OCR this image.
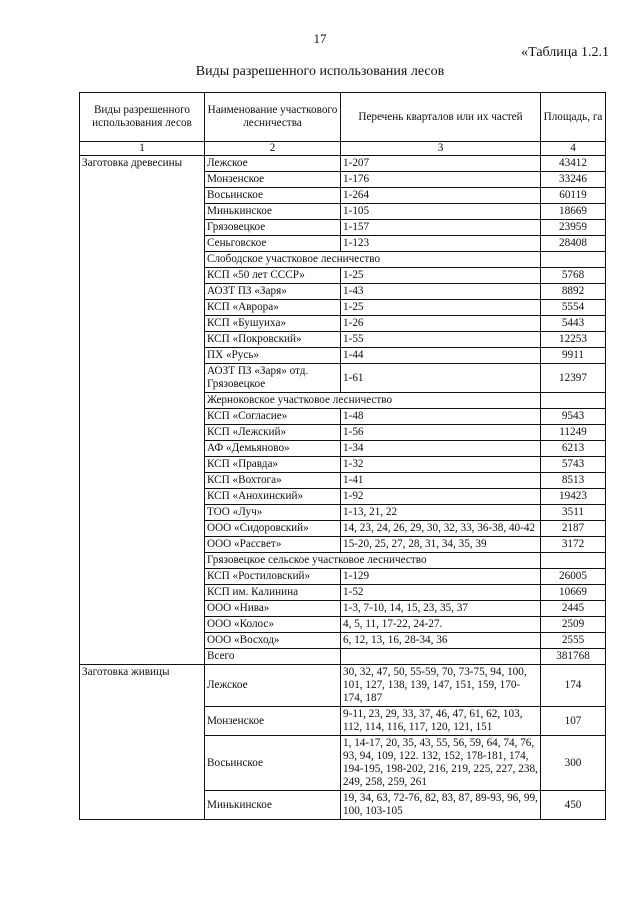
17
«Таблица 1.2.1
Виды разрешенного использования лесов
Виды разрешенного использования лесов	Наименование участкового лесничества	Перечень кварталов или их частей	Площадь, га
1	2	3	4
Заготовка древесины	Лежское	1-207	43412
	Монзенское	1-176	33246
	Восьинское	1-264	60119
	Минькинское	1-105	18669
	Грязовецкое	1-157	23959
	Сеньговское	1-123	28408
	Слободское участковое лесничество		
	КСП «50 лет СССР»	1-25	5768
	АОЗТ ПЗ «Заря»	1-43	8892
	КСП «Аврора»	1-25	5554
	КСП «Бушуиха»	1-26	5443
	КСП «Покровский»	1-55	12253
	ПХ «Русь»	1-44	9911
	АОЗТ ПЗ «Заря» отд. Грязовецкое	1-61	12397
	Жерноковское участковое лесничество		
	КСП «Согласие»	1-48	9543
	КСП «Лежский»	1-56	11249
	АФ «Демьяново»	1-34	6213
	КСП «Правда»	1-32	5743
	КСП «Вохтога»	1-41	8513
	КСП «Анохинский»	1-92	19423
	ТОО «Луч»	1-13, 21, 22	3511
	ООО «Сидоровский»	14, 23, 24, 26, 29, 30, 32, 33, 36-38, 40-42	2187
	ООО «Рассвет»	15-20, 25, 27, 28, 31, 34, 35, 39	3172
	Грязовецкое сельское участковое лесничество		
	КСП «Ростиловский»	1-129	26005
	КСП им. Калинина	1-52	10669
	ООО «Нива»	1-3, 7-10, 14, 15, 23, 35, 37	2445
	ООО «Колос»	4, 5, 11, 17-22, 24-27.	2509
	ООО «Восход»	6, 12, 13, 16, 28-34, 36	2555
	Всего		381768
Заготовка живицы	Лежское	30, 32, 47, 50, 55-59, 70, 73-75, 94, 100, 101, 127, 138, 139, 147, 151, 159, 170-174, 187	174
	Монзенское	9-11, 23, 29, 33, 37, 46, 47, 61, 62, 103, 112, 114, 116, 117, 120, 121, 151	107
	Восьинское	1, 14-17, 20, 35, 43, 55, 56, 59, 64, 74, 76, 93, 94, 109, 122. 132, 152, 178-181, 174, 194-195, 198-202, 216, 219, 225, 227, 238, 249, 258, 259, 261	300
	Минькинское	19, 34, 63, 72-76, 82, 83, 87, 89-93, 96, 99, 100, 103-105	450
